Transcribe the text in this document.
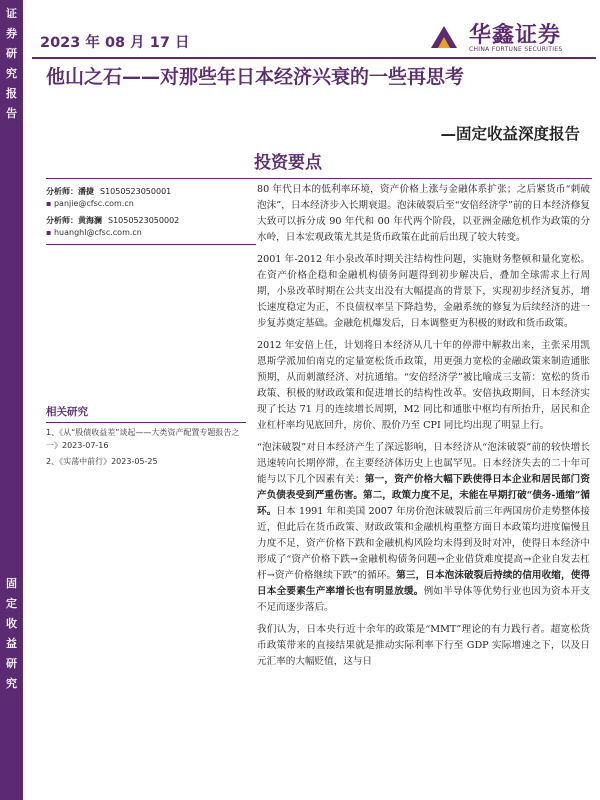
证
券
研
究
报
告
固
定
收
益
研
究
2023 年 08 月 17 日	华鑫证券
CHINA FORTUNE SECURITIES
他山之石——对那些年日本经济兴衰的一些再思考
—固定收益深度报告
投资要点
分析师：潘捷 S1050523050001
▪ panjie@cfsc.com.cn
分析师：黄海澜 S1050523050002
▪ huanghl@cfsc.com.cn
相关研究
1、《从“股债收益差”谈起——大类资产配置专题报告之一》2023-07-16
2、《实荡中前行》2023-05-25

80 年代日本的低利率环境，资产价格上涨与金融体系扩张；之后紧货币“刺破泡沫”，日本经济步入长期衰退。泡沫破裂后至“安倍经济学”前的日本经济修复大致可以拆分成 90 年代和 00 年代两个阶段，以亚洲金融危机作为政策的分水岭，日本宏观政策尤其是货币政策在此前后出现了较大转变。

2001 年-2012 年小泉改革时期关注结构性问题，实施财务整顿和量化宽松。在资产价格企稳和金融机构债务问题得到初步解决后，叠加全球需求上行周期，小泉改革时期在公共支出没有大幅提高的背景下，实现初步经济复苏，增长速度稳定为正，不良债权率呈下降趋势，金融系统的修复为后续经济的进一步复苏奠定基础。金融危机爆发后，日本调整更为积极的财政和货币政策。

2012 年安倍上任，计划将日本经济从几十年的停滞中解救出来，主张采用凯恩斯学派加伯南克的定量宽松货币政策，用更强力宽松的金融政策来制造通胀预期，从而刺激经济、对抗通缩。“安倍经济学”被比喻成三支箭：宽松的货币政策、积极的财政政策和促进增长的结构性改革。安倍执政期间，日本经济实现了长达 71 月的连续增长周期，M2 同比和通胀中枢均有所抬升，居民和企业杠杆率均见底回升，房价、股价乃至 CPI 同比均出现了明显上行。

“泡沫破裂”对日本经济产生了深远影响，日本经济从“泡沫破裂”前的较快增长迅速转向长期停滞，在主要经济体历史上也属罕见。日本经济失去的二十年可能与以下几个因素有关：第一，资产价格大幅下跌使得日本企业和居民部门资产负债表受到严重伤害。第二，政策力度不足，未能在早期打破“债务-通缩”循环。日本 1991 年和美国 2007 年房价泡沫破裂后前三年两国房价走势整体接近，但此后在货币政策、财政政策和金融机构重整方面日本政策均进度偏慢且力度不足，资产价格下跌和金融机构风险均未得到及时对冲，使得日本经济中形成了“资产价格下跌→金融机构债务问题→企业借贷难度提高→企业自发去杠杆→资产价格继续下跌”的循环。第三，日本泡沫破裂后持续的信用收缩，使得日本全要素生产率增长也有明显放缓。例如半导体等优势行业也因为资本开支不足而逐步落后。

我们认为，日本央行近十余年的政策是“MMT”理论的有力践行者。超宽松货币政策带来的直接结果就是推动实际利率下行至 GDP 实际增速之下，以及日元汇率的大幅贬值，这与日
